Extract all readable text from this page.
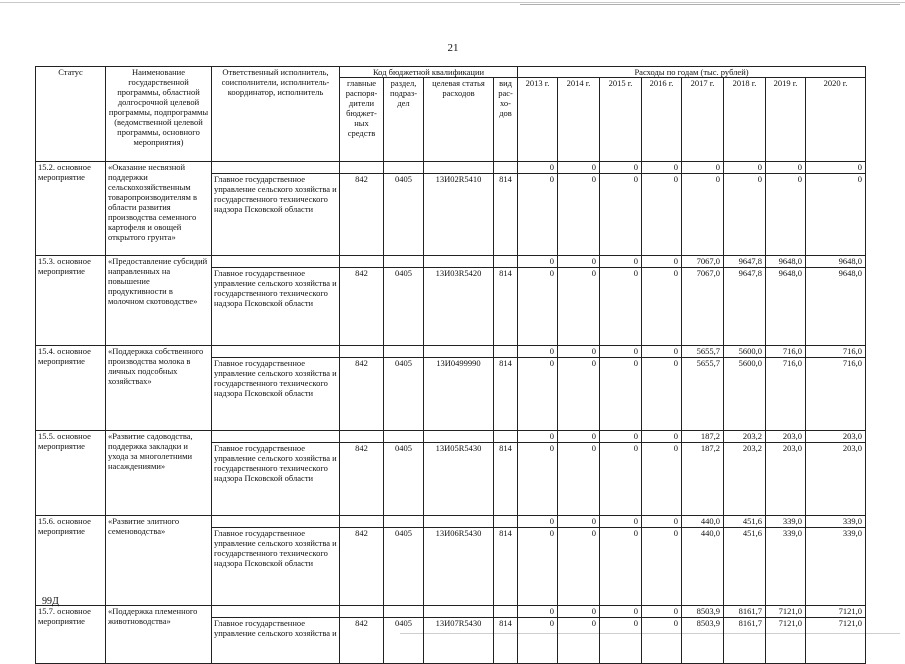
21
Статус	Наименование государственной программы, областной долгосрочной целевой программы, подпрограммы (ведомственной целевой программы, основного мероприятия)	Ответственный исполнитель, соисполнители, исполнитель-координатор, исполнитель	Код бюджетной квалификации				Расходы по годам (тыс. рублей)							
			главные распоря-дители бюджет-ных средств	раздел, подраз-дел	целевая статья расходов	вид рас-хо-дов	2013 г.	2014 г.	2015 г.	2016 г.	2017 г.	2018 г.	2019 г.	2020 г.
15.2. основное мероприятие	«Оказание несвязной поддержки сельскохозяйственным товаропроизводителям в области развития производства семенного картофеля и овощей открытого грунта»						0	0	0	0	0	0	0	0
		Главное государственное управление сельского хозяйства и государственного технического надзора Псковской области	842	0405	13И02R5410	814	0	0	0	0	0	0	0	0
15.3. основное мероприятие	«Предоставление субсидий направленных на повышение продуктивности в молочном скотоводстве»						0	0	0	0	7067,0	9647,8	9648,0	9648,0
		Главное государственное управление сельского хозяйства и государственного технического надзора Псковской области	842	0405	13И03R5420	814	0	0	0	0	7067,0	9647,8	9648,0	9648,0
15.4. основное мероприятие	«Поддержка собственного производства молока в личных подсобных хозяйствах»						0	0	0	0	5655,7	5600,0	716,0	716,0
		Главное государственное управление сельского хозяйства и государственного технического надзора Псковской области	842	0405	13И0499990	814	0	0	0	0	5655,7	5600,0	716,0	716,0
15.5. основное мероприятие	«Развитие садоводства, поддержка закладки и ухода за многолетними насаждениями»						0	0	0	0	187,2	203,2	203,0	203,0
		Главное государственное управление сельского хозяйства и государственного технического надзора Псковской области	842	0405	13И05R5430	814	0	0	0	0	187,2	203,2	203,0	203,0
15.6. основное мероприятие	«Развитие элитного семеноводства»						0	0	0	0	440,0	451,6	339,0	339,0
		Главное государственное управление сельского хозяйства и государственного технического надзора Псковской области	842	0405	13И06R5430	814	0	0	0	0	440,0	451,6	339,0	339,0
15.7. основное мероприятие	«Поддержка племенного животноводства»						0	0	0	0	8503,9	8161,7	7121,0	7121,0
		Главное государственное управление сельского хозяйства и	842	0405	13И07R5430	814	0	0	0	0	8503,9	8161,7	7121,0	7121,0
99Д
